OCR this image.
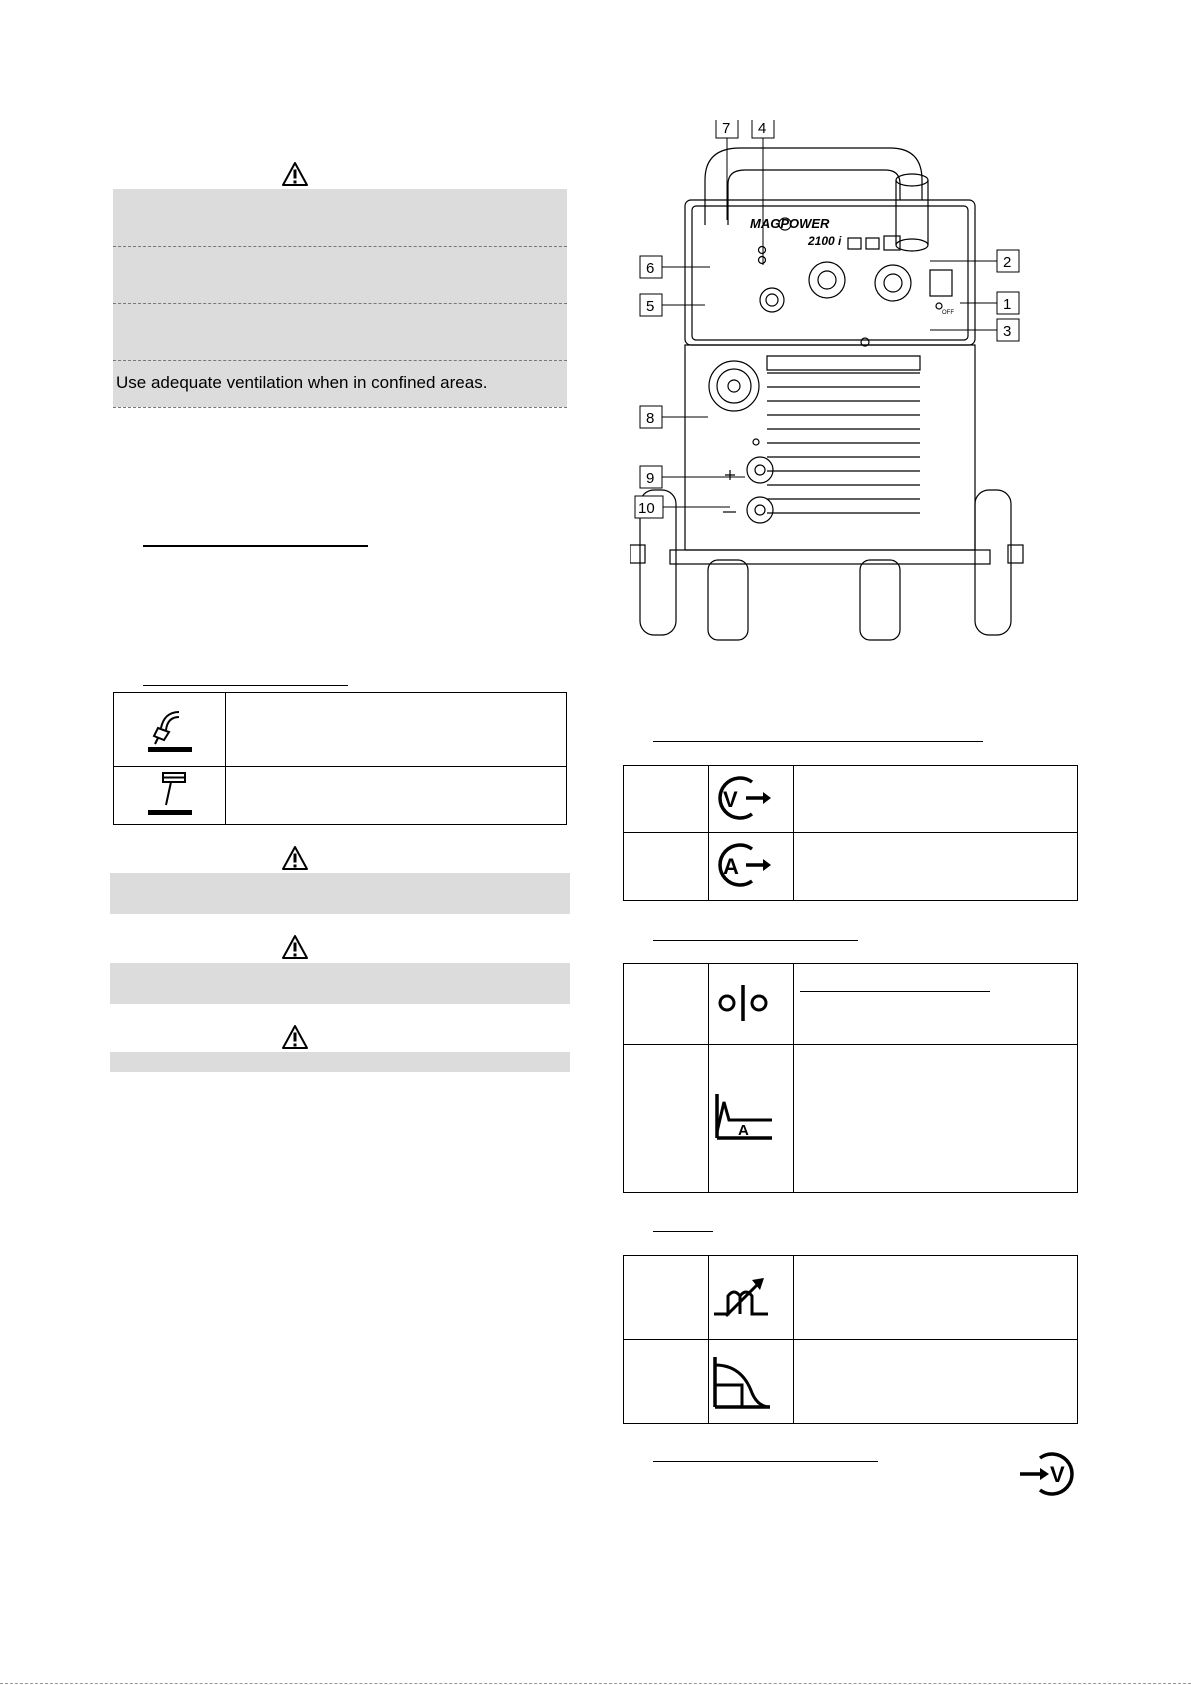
Use adequate ventilation when in confined areas.
MAGPOWER
2100 i
OFF
7 4
6
5
2
1
3
8
9
10
V
A
A
V
